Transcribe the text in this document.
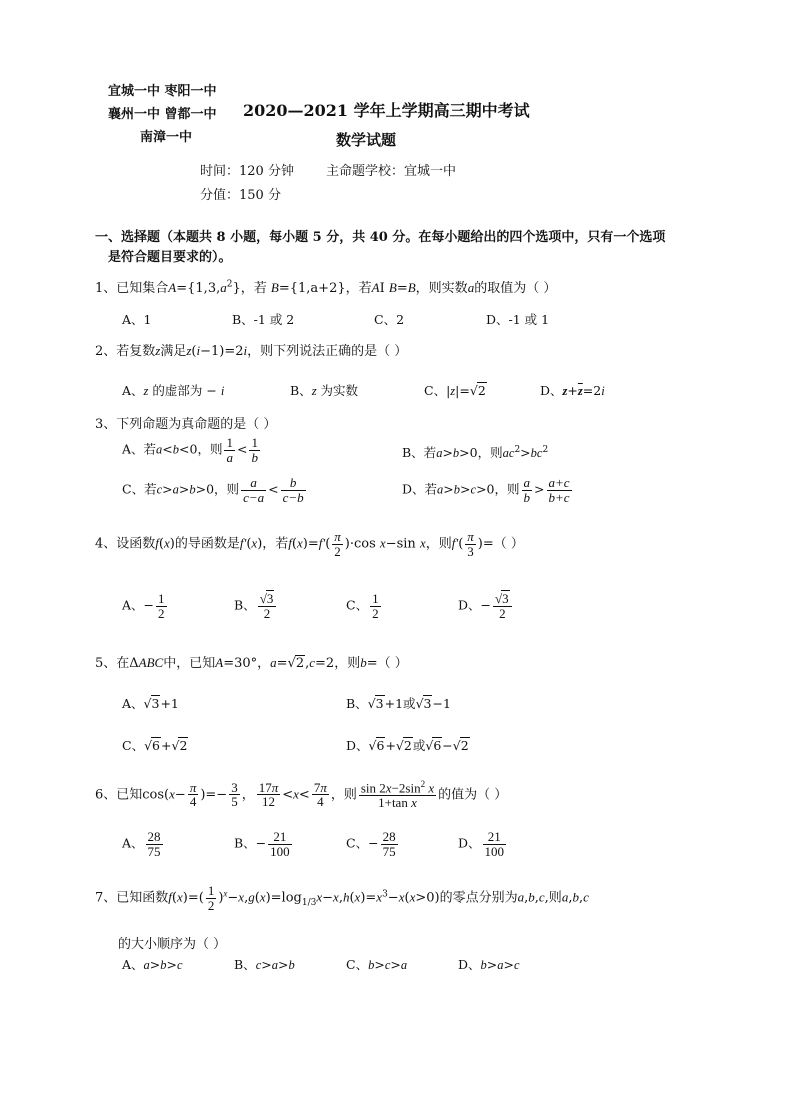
宜城一中 枣阳一中
襄州一中 曾都一中
南漳一中
2020—2021 学年上学期高三期中考试
数学试题
时间：120 分钟 主命题学校：宜城一中
分值：150 分
一、选择题（本题共 8 小题，每小题 5 分，共 40 分。在每小题给出的四个选项中，只有一个选项
是符合题目要求的）。
1、已知集合$A=\{1,3,a^2\}$，若 B={1,a+2}，若AI B=B，则实数a的取值为（ ）
A、1	B、-1 或 2	C、2	D、-1 或 1
2、若复数z满足z(i−1)=2i，则下列说法正确的是（ ）
A、z 的虚部为 − i	B、z 为实数	C、|z|=√2	D、$z+\overline{z}=2i$
3、下列命题为真命题的是（ ）
A、若a<b<0，则 $\frac{1}{a} < \frac{1}{b}$	B、若a>b>0，则$ac^2>bc^2$
C、若c>a>b>0，则 $\frac{a}{c-a} < \frac{b}{c-b}$	D、若a>b>c>0，则 $\frac{a}{b} > \frac{a+c}{b+c}$
4、设函数f(x)的导函数是f′(x)，若$f(x)=f'( \frac{\pi}{2} )\cdot\cos$ x−sin x，则$f'( \frac{\pi}{3}$ )=（ ）
A、− $\frac{1}{2}$	B、 $\frac{√3}{2}$	C、 $\frac{1}{2}$	D、− $\frac{√3}{2}$
5、在ΔABC中，已知A=30°，a=√2,c=2，则b=（ ）
A、√3+1	B、√3+1或√3−1
C、√6+√2	D、√6+√2或√6−√2
6、已知$\cos(x- \frac{\pi}{4}$ )=− $\frac{3}{5}$ ， $\frac{17\pi}{12} <x< \frac{7\pi}{4}$ ，则 $\frac{\sin 2x-2\sin^2 x}{\text{1+tan x}}$ 的值为（ ）
A、 $\frac{28}{75}$	B、− $\frac{21}{100}$	C、− $\frac{28}{75}$	D、 $\frac{21}{100}$
7、已知函数$f(x)=( \frac{1}{2} )^x-x,g(x)=\log_{1/3}x-x,h(x)=x^3-x(x>0)$的零点分别为a,b,c,则a,b,c
的大小顺序为（ ）
A、a>b>c	B、c>a>b	C、b>c>a	D、b>a>c
